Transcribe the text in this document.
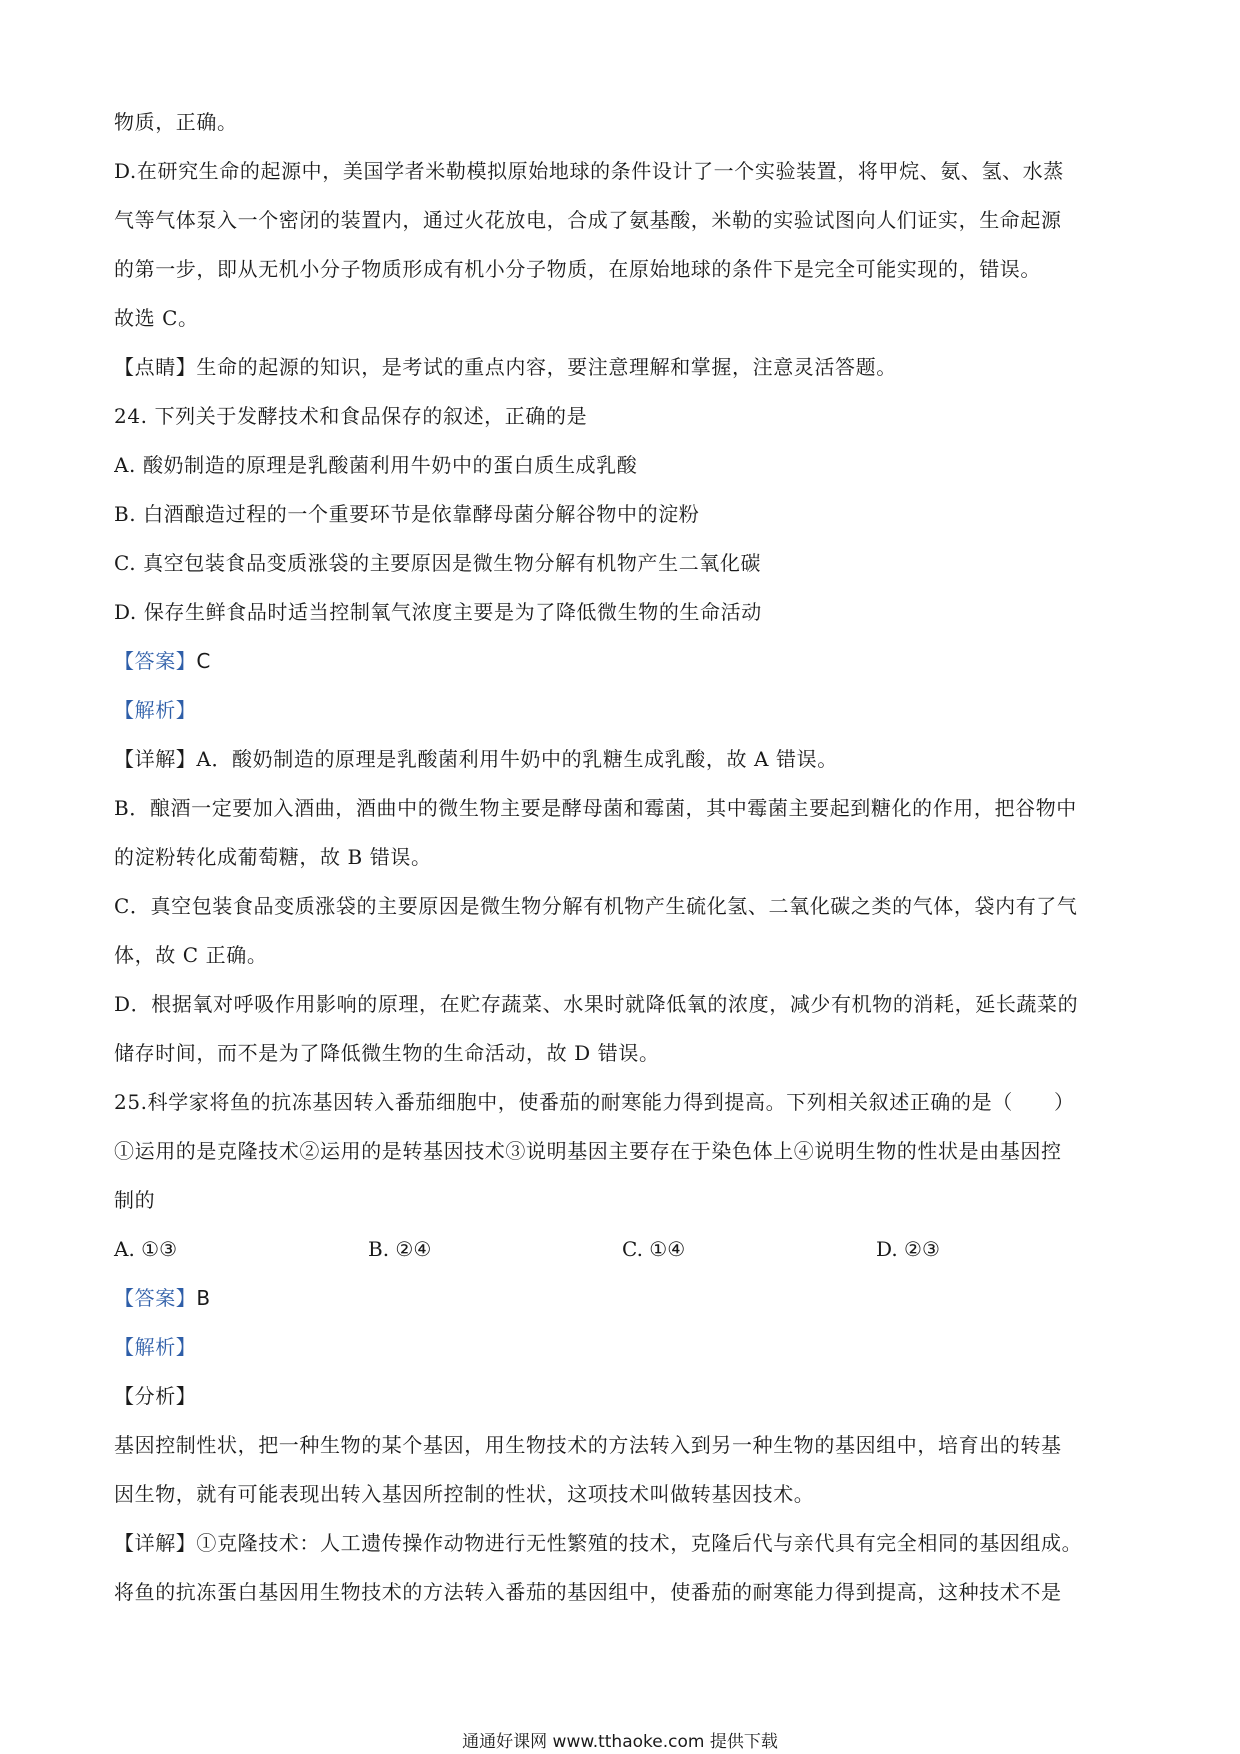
物质，正确。
D.在研究生命的起源中，美国学者米勒模拟原始地球的条件设计了一个实验装置，将甲烷、氨、氢、水蒸
气等气体泵入一个密闭的装置内，通过火花放电，合成了氨基酸，米勒的实验试图向人们证实，生命起源
的第一步，即从无机小分子物质形成有机小分子物质，在原始地球的条件下是完全可能实现的，错误。
故选 C。
【点睛】生命的起源的知识，是考试的重点内容，要注意理解和掌握，注意灵活答题。
24. 下列关于发酵技术和食品保存的叙述，正确的是
A. 酸奶制造的原理是乳酸菌利用牛奶中的蛋白质生成乳酸
B. 白酒酿造过程的一个重要环节是依靠酵母菌分解谷物中的淀粉
C. 真空包装食品变质涨袋的主要原因是微生物分解有机物产生二氧化碳
D. 保存生鲜食品时适当控制氧气浓度主要是为了降低微生物的生命活动
【答案】C
【解析】
【详解】A．酸奶制造的原理是乳酸菌利用牛奶中的乳糖生成乳酸，故 A 错误。
B．酿酒一定要加入酒曲，酒曲中的微生物主要是酵母菌和霉菌，其中霉菌主要起到糖化的作用，把谷物中
的淀粉转化成葡萄糖，故 B 错误。
C．真空包装食品变质涨袋的主要原因是微生物分解有机物产生硫化氢、二氧化碳之类的气体，袋内有了气
体，故 C 正确。
D．根据氧对呼吸作用影响的原理，在贮存蔬菜、水果时就降低氧的浓度，减少有机物的消耗，延长蔬菜的
储存时间，而不是为了降低微生物的生命活动，故 D 错误。
25.科学家将鱼的抗冻基因转入番茄细胞中，使番茄的耐寒能力得到提高。下列相关叙述正确的是（　　）
①运用的是克隆技术②运用的是转基因技术③说明基因主要存在于染色体上④说明生物的性状是由基因控
制的
A. ①③	B. ②④	C. ①④	D. ②③
【答案】B
【解析】
【分析】
基因控制性状，把一种生物的某个基因，用生物技术的方法转入到另一种生物的基因组中，培育出的转基
因生物，就有可能表现出转入基因所控制的性状，这项技术叫做转基因技术。
【详解】①克隆技术：人工遗传操作动物进行无性繁殖的技术，克隆后代与亲代具有完全相同的基因组成。
将鱼的抗冻蛋白基因用生物技术的方法转入番茄的基因组中，使番茄的耐寒能力得到提高，这种技术不是
通通好课网 www.tthaoke.com 提供下载
